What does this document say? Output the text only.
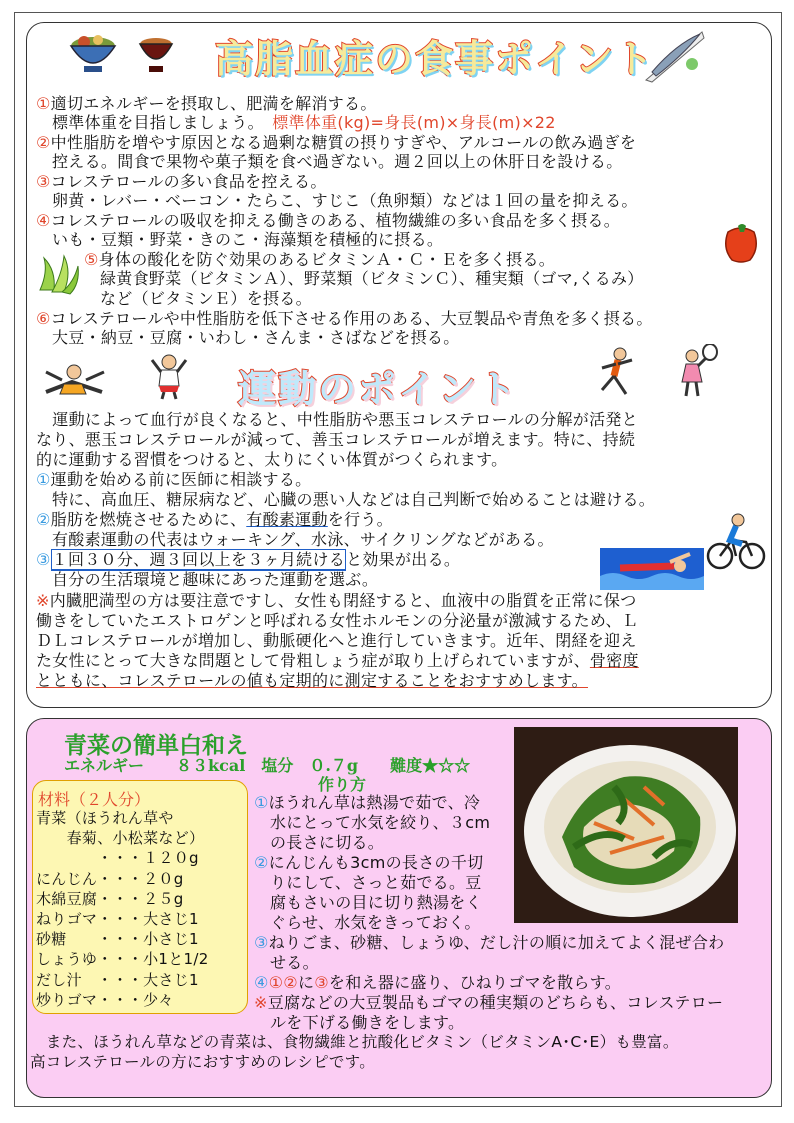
高脂血症の食事ポイント
①適切エネルギーを摂取し、肥満を解消する。
標準体重を目指しましょう。　 標準体重(kg)=身長(m)×身長(m)×22
②中性脂肪を増やす原因となる過剰な糖質の摂りすぎや、アルコールの飲み過ぎを
控える。間食で果物や菓子類を食べ過ぎない。週２回以上の休肝日を設ける。
③コレステロールの多い食品を控える。
卵黄・レバー・ベーコン・たらこ、すじこ（魚卵類）などは１回の量を抑える。
④コレステロールの吸収を抑える働きのある、植物繊維の多い食品を多く摂る。
いも・豆類・野菜・きのこ・海藻類を積極的に摂る。
⑤身体の酸化を防ぐ効果のあるビタミンＡ・Ｃ・Ｅを多く摂る。
緑黄食野菜（ビタミンＡ）、野菜類（ビタミンＣ）、種実類（ゴマ,くるみ）
など（ビタミンＥ）を摂る。
⑥コレステロールや中性脂肪を低下させる作用のある、大豆製品や青魚を多く摂る。
大豆・納豆・豆腐・いわし・さんま・さばなどを摂る。
運動のポイント
　運動によって血行が良くなると、中性脂肪や悪玉コレステロールの分解が活発と
なり、悪玉コレステロールが減って、善玉コレステロールが増えます。特に、持続
的に運動する習慣をつけると、太りにくい体質がつくられます。
①運動を始める前に医師に相談する。
特に、高血圧、糖尿病など、心臓の悪い人などは自己判断で始めることは避ける。
②脂肪を燃焼させるために、有酸素運動を行う。
有酸素運動の代表はウォーキング、水泳、サイクリングなどがある。
③１回３０分、週３回以上を３ヶ月続けると効果が出る。
自分の生活環境と趣味にあった運動を選ぶ。
※内臓肥満型の方は要注意ですし、女性も閉経すると、血液中の脂質を正常に保つ
働きをしていたエストロゲンと呼ばれる女性ホルモンの分泌量が激減するため、Ｌ
ＤＬコレステロールが増加し、動脈硬化へと進行していきます。近年、閉経を迎え
た女性にとって大きな問題として骨粗しょう症が取り上げられていますが、骨密度
とともに、コレステロールの値も定期的に測定することをおすすめします。
青菜の簡単白和え
エネルギー　　 ８３kcal　 塩分　 ０.７g　　 難度★☆☆
作り方
材料（２人分）
青菜（ほうれん草や
　　春菊、小松菜など）
　　　　・・・１２０g
にんじん・・・２０g
木綿豆腐・・・２５g
ねりゴマ・・・大さじ1
砂糖　　・・・小さじ1
しょうゆ・・・小1と1/2
だし汁　・・・大さじ1
炒りゴマ・・・少々
①ほうれん草は熱湯で茹で、冷
水にとって水気を絞り、３cm
の長さに切る。
②にんじんも3cmの長さの千切
りにして、さっと茹でる。豆
腐もさいの目に切り熱湯をく
ぐらせ、水気をきっておく。
③ねりごま、砂糖、しょうゆ、だし汁の順に加えてよく混ぜ合わ
せる。
④①②に③を和え器に盛り、ひねりゴマを散らす。
※豆腐などの大豆製品もゴマの種実類のどちらも、コレステロー
ルを下げる働きをします。
　また、ほうれん草などの青菜は、食物繊維と抗酸化ビタミン（ビタミンA･C･E）も豊富。
高コレステロールの方におすすめのレシピです。
